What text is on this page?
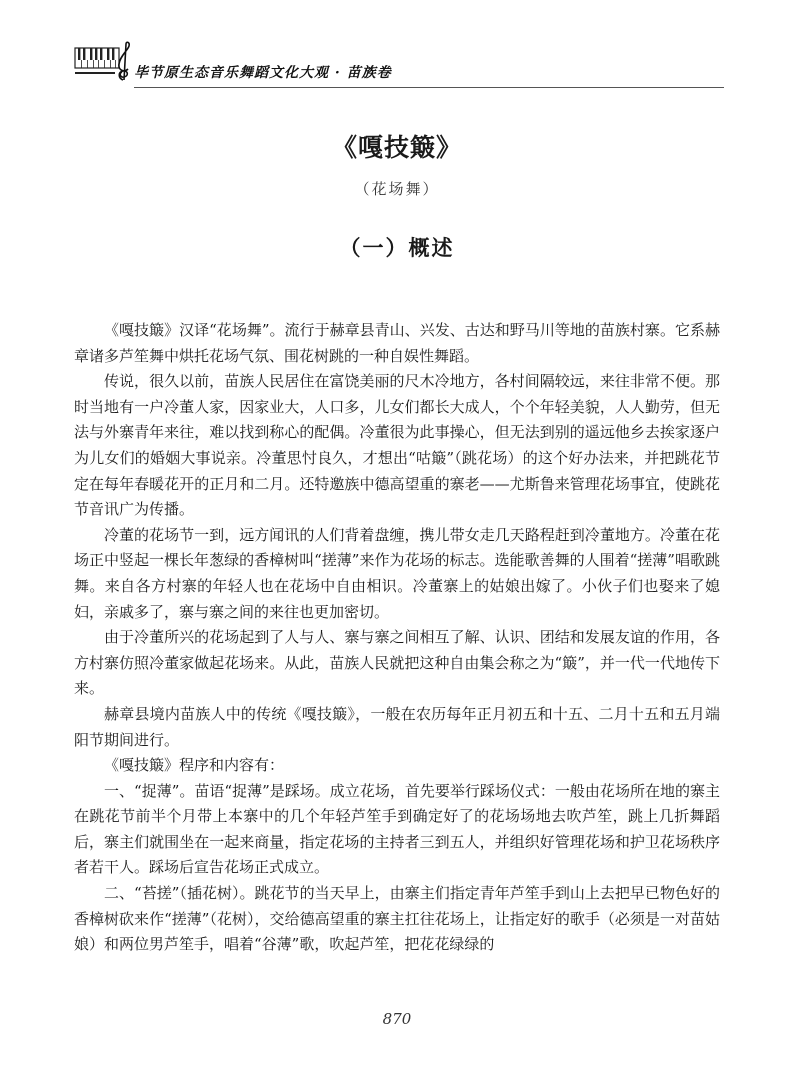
毕节原生态音乐舞蹈文化大观 · 苗族卷
《嘎技簸》
（花场舞）
（一）概述

《嘎技簸》汉译“花场舞”。流行于赫章县青山、兴发、古达和野马川等地的苗族村寨。它系赫章诸多芦笙舞中烘托花场气氛、围花树跳的一种自娱性舞蹈。

传说，很久以前，苗族人民居住在富饶美丽的尺木冷地方，各村间隔较远，来往非常不便。那时当地有一户冷董人家，因家业大，人口多，儿女们都长大成人，个个年轻美貌，人人勤劳，但无法与外寨青年来往，难以找到称心的配偶。冷董很为此事操心，但无法到别的遥远他乡去挨家逐户为儿女们的婚姻大事说亲。冷董思忖良久，才想出“咕簸”（跳花场）的这个好办法来，并把跳花节定在每年春暖花开的正月和二月。还特邀族中德高望重的寨老——尤斯鲁来管理花场事宜，使跳花节音讯广为传播。

冷董的花场节一到，远方闻讯的人们背着盘缠，携儿带女走几天路程赶到冷董地方。冷董在花场正中竖起一棵长年葱绿的香樟树叫“搓薄”来作为花场的标志。选能歌善舞的人围着“搓薄”唱歌跳舞。来自各方村寨的年轻人也在花场中自由相识。冷董寨上的姑娘出嫁了。小伙子们也娶来了媳妇，亲戚多了，寨与寨之间的来往也更加密切。

由于冷董所兴的花场起到了人与人、寨与寨之间相互了解、认识、团结和发展友谊的作用，各方村寨仿照冷董家做起花场来。从此，苗族人民就把这种自由集会称之为“簸”，并一代一代地传下来。

赫章县境内苗族人中的传统《嘎技簸》，一般在农历每年正月初五和十五、二月十五和五月端阳节期间进行。

《嘎技簸》程序和内容有：

一、“捉薄”。苗语“捉薄”是踩场。成立花场，首先要举行踩场仪式：一般由花场所在地的寨主在跳花节前半个月带上本寨中的几个年轻芦笙手到确定好了的花场场地去吹芦笙，跳上几折舞蹈后，寨主们就围坐在一起来商量，指定花场的主持者三到五人，并组织好管理花场和护卫花场秩序者若干人。踩场后宣告花场正式成立。

二、“苔搓”（插花树）。跳花节的当天早上，由寨主们指定青年芦笙手到山上去把早已物色好的香樟树砍来作“搓薄”（花树），交给德高望重的寨主扛往花场上，让指定好的歌手（必须是一对苗姑娘）和两位男芦笙手，唱着“谷薄”歌，吹起芦笙，把花花绿绿的

870
